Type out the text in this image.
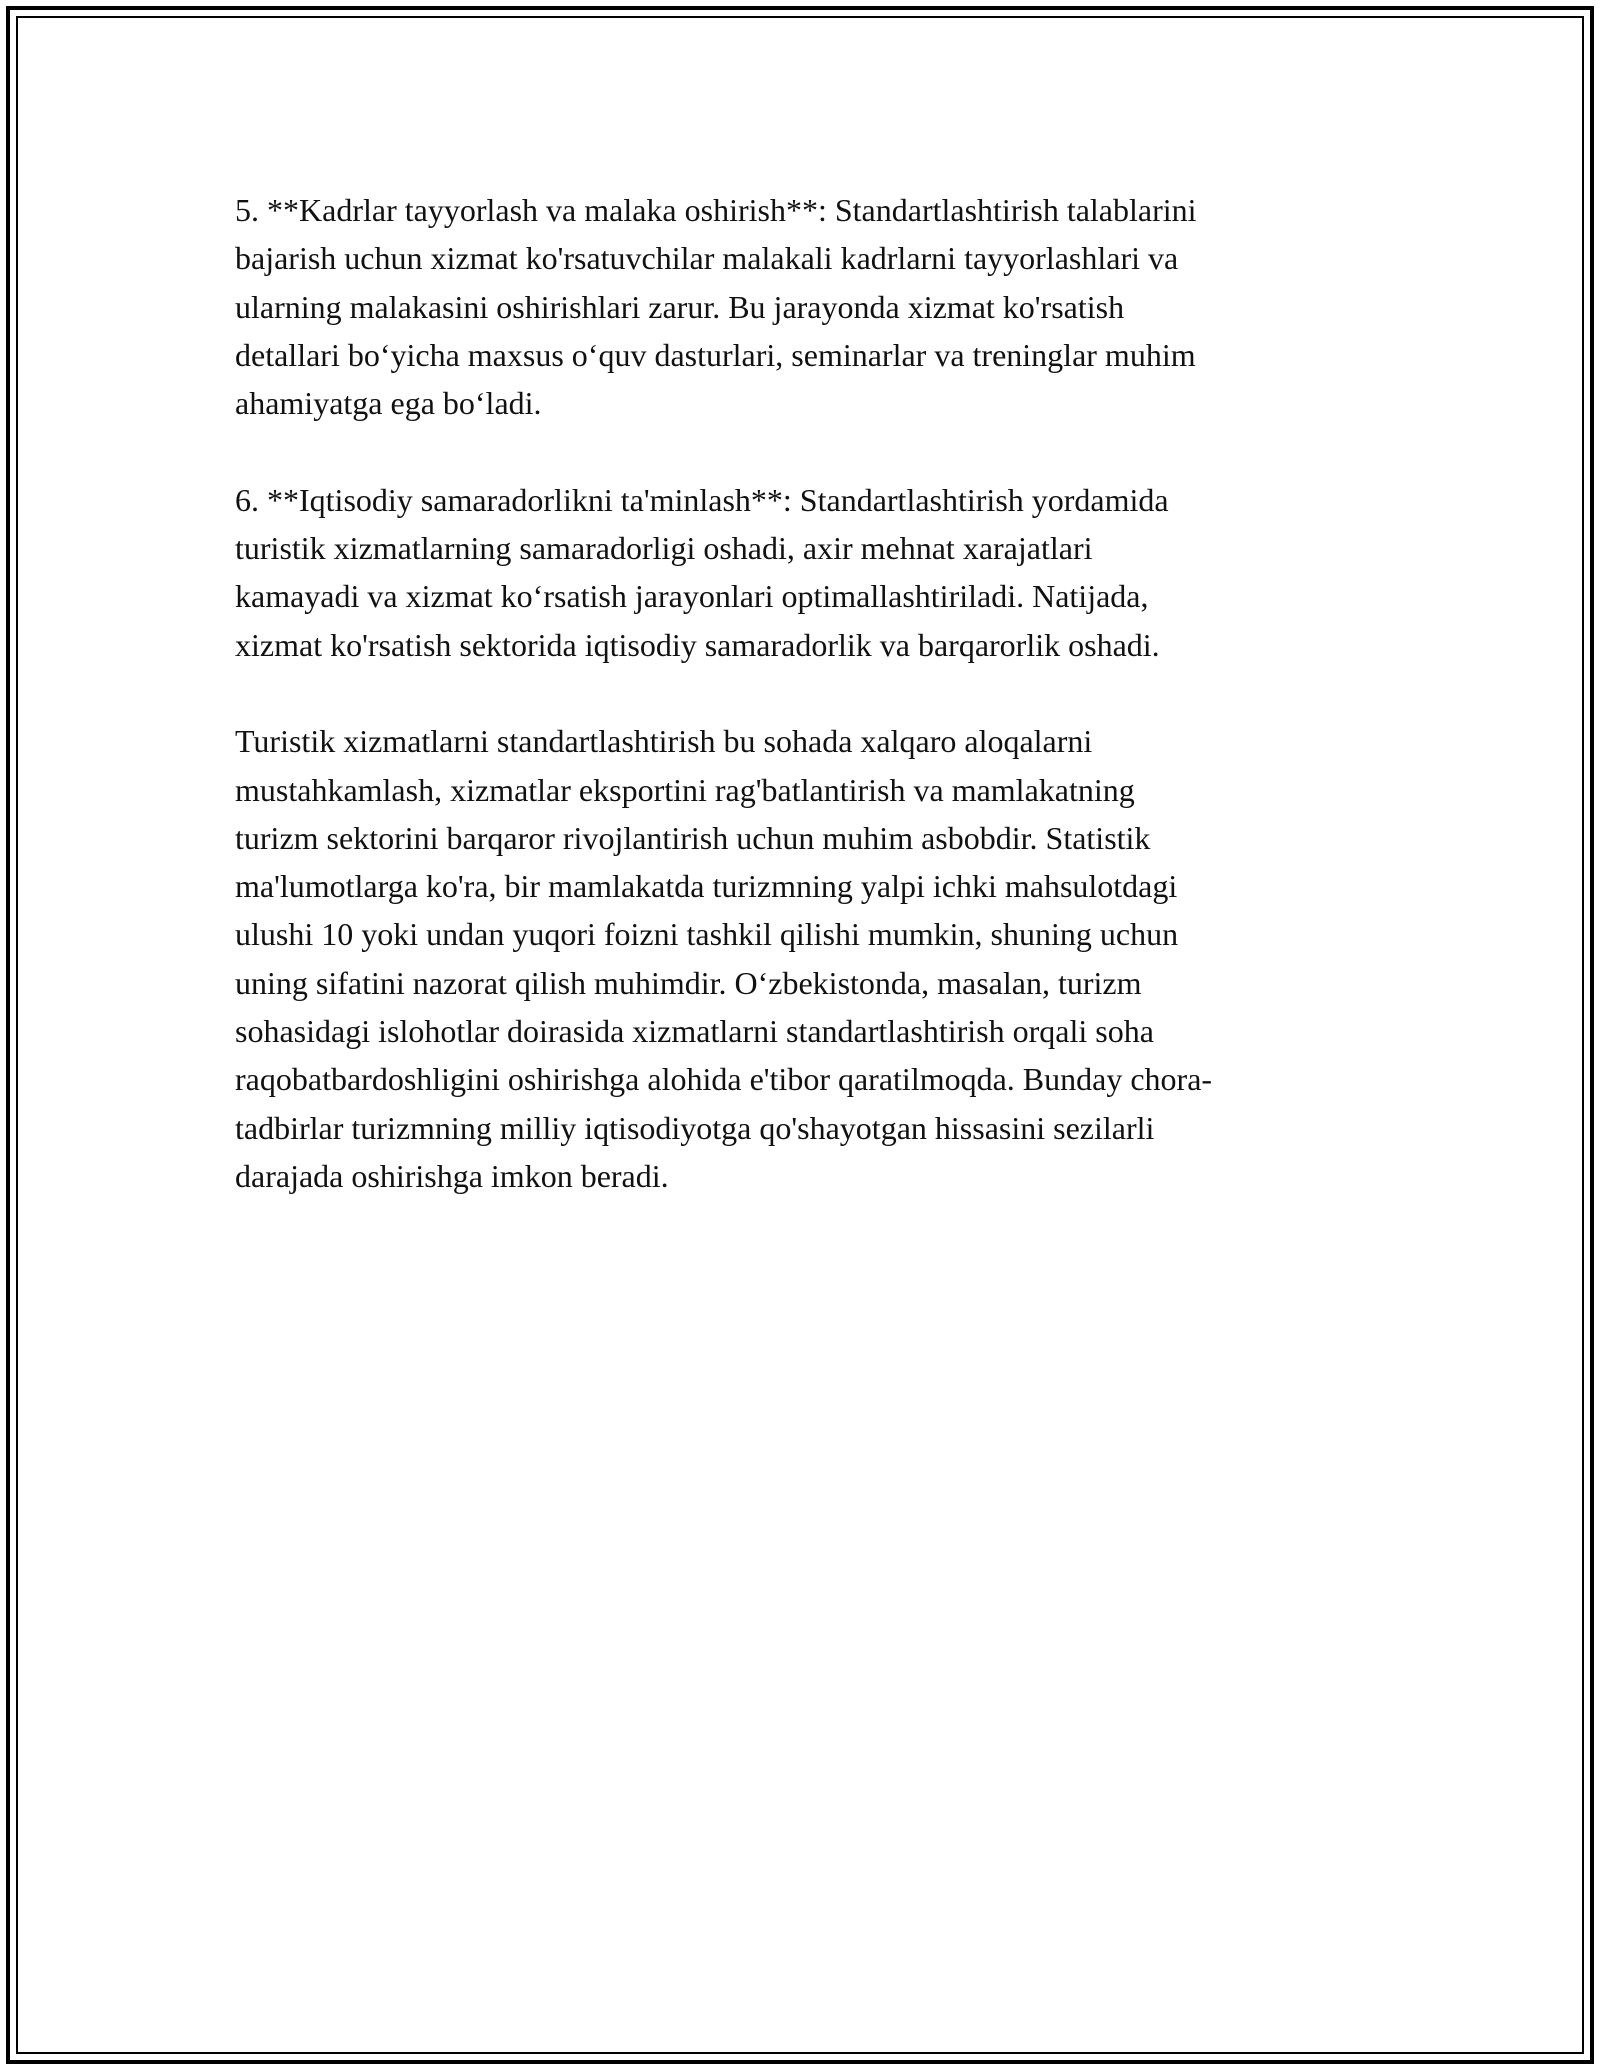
5. **Kadrlar tayyorlash va malaka oshirish**: Standartlashtirish talablarini
bajarish uchun xizmat ko'rsatuvchilar malakali kadrlarni tayyorlashlari va
ularning malakasini oshirishlari zarur. Bu jarayonda xizmat ko'rsatish
detallari bo‘yicha maxsus o‘quv dasturlari, seminarlar va treninglar muhim
ahamiyatga ega bo‘ladi.

6. **Iqtisodiy samaradorlikni ta'minlash**: Standartlashtirish yordamida
turistik xizmatlarning samaradorligi oshadi, axir mehnat xarajatlari
kamayadi va xizmat ko‘rsatish jarayonlari optimallashtiriladi. Natijada,
xizmat ko'rsatish sektorida iqtisodiy samaradorlik va barqarorlik oshadi.

Turistik xizmatlarni standartlashtirish bu sohada xalqaro aloqalarni
mustahkamlash, xizmatlar eksportini rag'batlantirish va mamlakatning
turizm sektorini barqaror rivojlantirish uchun muhim asbobdir. Statistik
ma'lumotlarga ko'ra, bir mamlakatda turizmning yalpi ichki mahsulotdagi
ulushi 10 yoki undan yuqori foizni tashkil qilishi mumkin, shuning uchun
uning sifatini nazorat qilish muhimdir. O‘zbekistonda, masalan, turizm
sohasidagi islohotlar doirasida xizmatlarni standartlashtirish orqali soha
raqobatbardoshligini oshirishga alohida e'tibor qaratilmoqda. Bunday chora-
tadbirlar turizmning milliy iqtisodiyotga qo'shayotgan hissasini sezilarli
darajada oshirishga imkon beradi.
